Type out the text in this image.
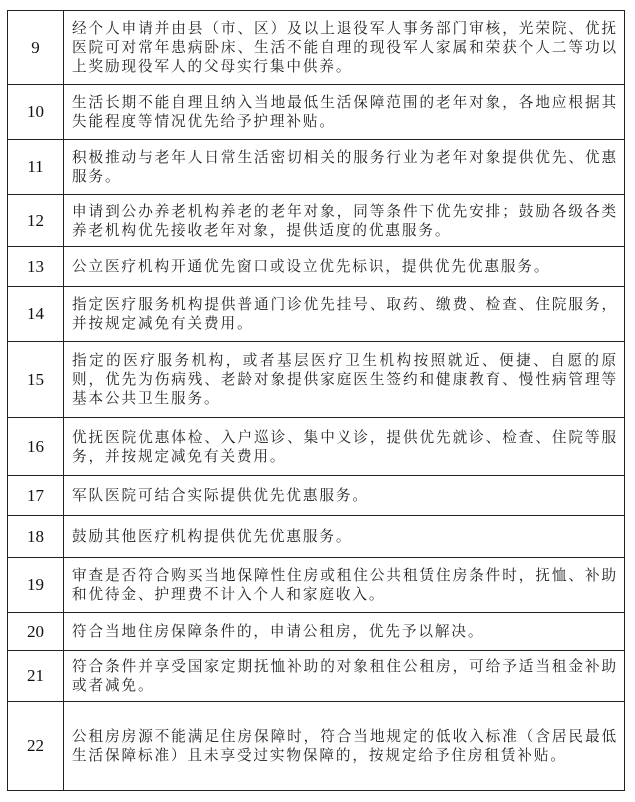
9	经个人申请并由县（市、区）及以上退役军人事务部门审核，光荣院、优抚医院可对常年患病卧床、生活不能自理的现役军人家属和荣获个人二等功以上奖励现役军人的父母实行集中供养。
10	生活长期不能自理且纳入当地最低生活保障范围的老年对象，各地应根据其失能程度等情况优先给予护理补贴。
11	积极推动与老年人日常生活密切相关的服务行业为老年对象提供优先、优惠服务。
12	申请到公办养老机构养老的老年对象，同等条件下优先安排；鼓励各级各类养老机构优先接收老年对象，提供适度的优惠服务。
13	公立医疗机构开通优先窗口或设立优先标识，提供优先优惠服务。
14	指定医疗服务机构提供普通门诊优先挂号、取药、缴费、检查、住院服务，并按规定减免有关费用。
15	指定的医疗服务机构，或者基层医疗卫生机构按照就近、便捷、自愿的原则，优先为伤病残、老龄对象提供家庭医生签约和健康教育、慢性病管理等基本公共卫生服务。
16	优抚医院优惠体检、入户巡诊、集中义诊，提供优先就诊、检查、住院等服务，并按规定减免有关费用。
17	军队医院可结合实际提供优先优惠服务。
18	鼓励其他医疗机构提供优先优惠服务。
19	审查是否符合购买当地保障性住房或租住公共租赁住房条件时，抚恤、补助和优待金、护理费不计入个人和家庭收入。
20	符合当地住房保障条件的，申请公租房，优先予以解决。
21	符合条件并享受国家定期抚恤补助的对象租住公租房，可给予适当租金补助或者减免。
22	公租房房源不能满足住房保障时，符合当地规定的低收入标准（含居民最低生活保障标准）且未享受过实物保障的，按规定给予住房租赁补贴。
